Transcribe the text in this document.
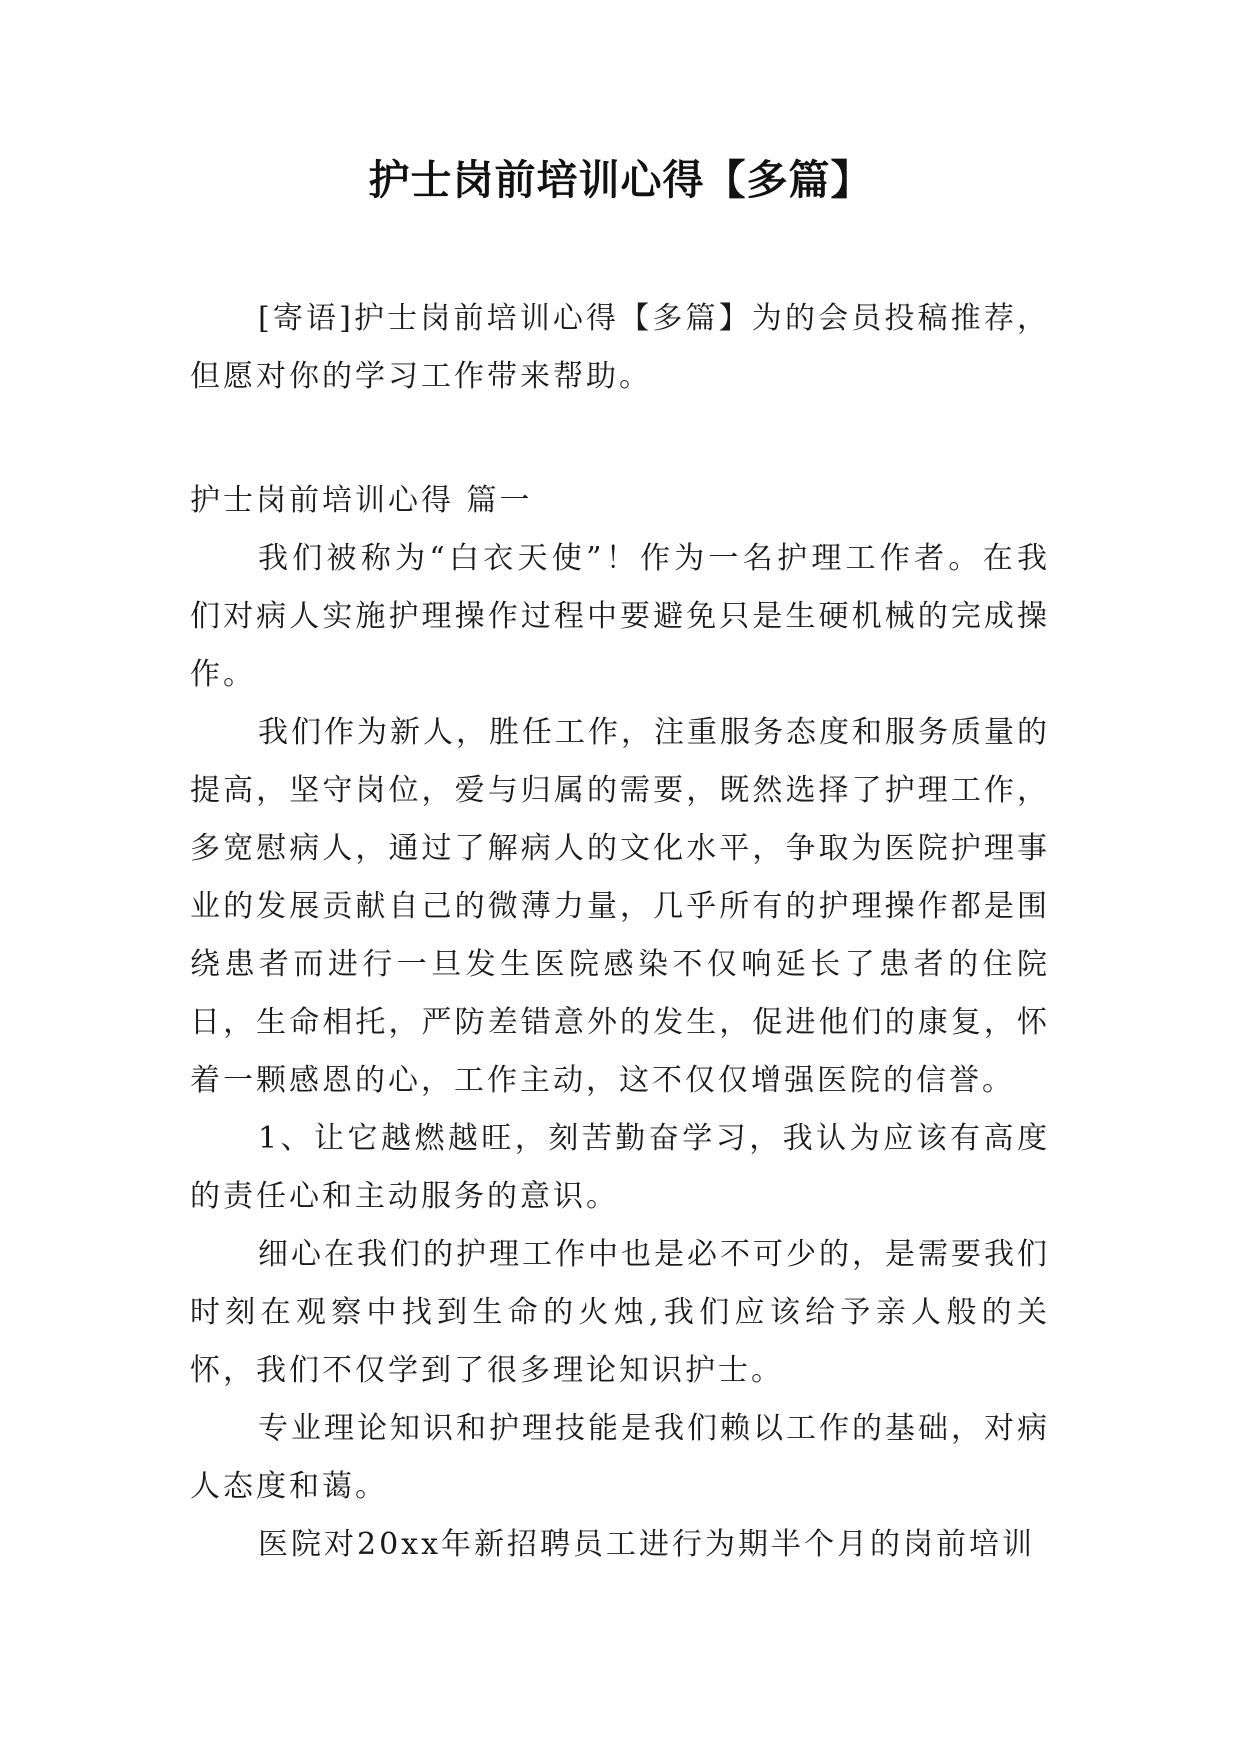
护士岗前培训心得【多篇】

[寄语]护士岗前培训心得【多篇】为的会员投稿推荐，但愿对你的学习工作带来帮助。

护士岗前培训心得 篇一

我们被称为“白衣天使”！作为一名护理工作者。在我们对病人实施护理操作过程中要避免只是生硬机械的完成操作。

我们作为新人，胜任工作，注重服务态度和服务质量的提高，坚守岗位，爱与归属的需要，既然选择了护理工作，多宽慰病人，通过了解病人的文化水平，争取为医院护理事业的发展贡献自己的微薄力量，几乎所有的护理操作都是围绕患者而进行一旦发生医院感染不仅响延长了患者的住院日，生命相托，严防差错意外的发生，促进他们的康复，怀着一颗感恩的心，工作主动，这不仅仅增强医院的信誉。

1、让它越燃越旺，刻苦勤奋学习，我认为应该有高度的责任心和主动服务的意识。

细心在我们的护理工作中也是必不可少的，是需要我们时刻在观察中找到生命的火烛,我们应该给予亲人般的关怀，我们不仅学到了很多理论知识护士。

专业理论知识和护理技能是我们赖以工作的基础，对病人态度和蔼。

医院对20xx年新招聘员工进行为期半个月的岗前培训
